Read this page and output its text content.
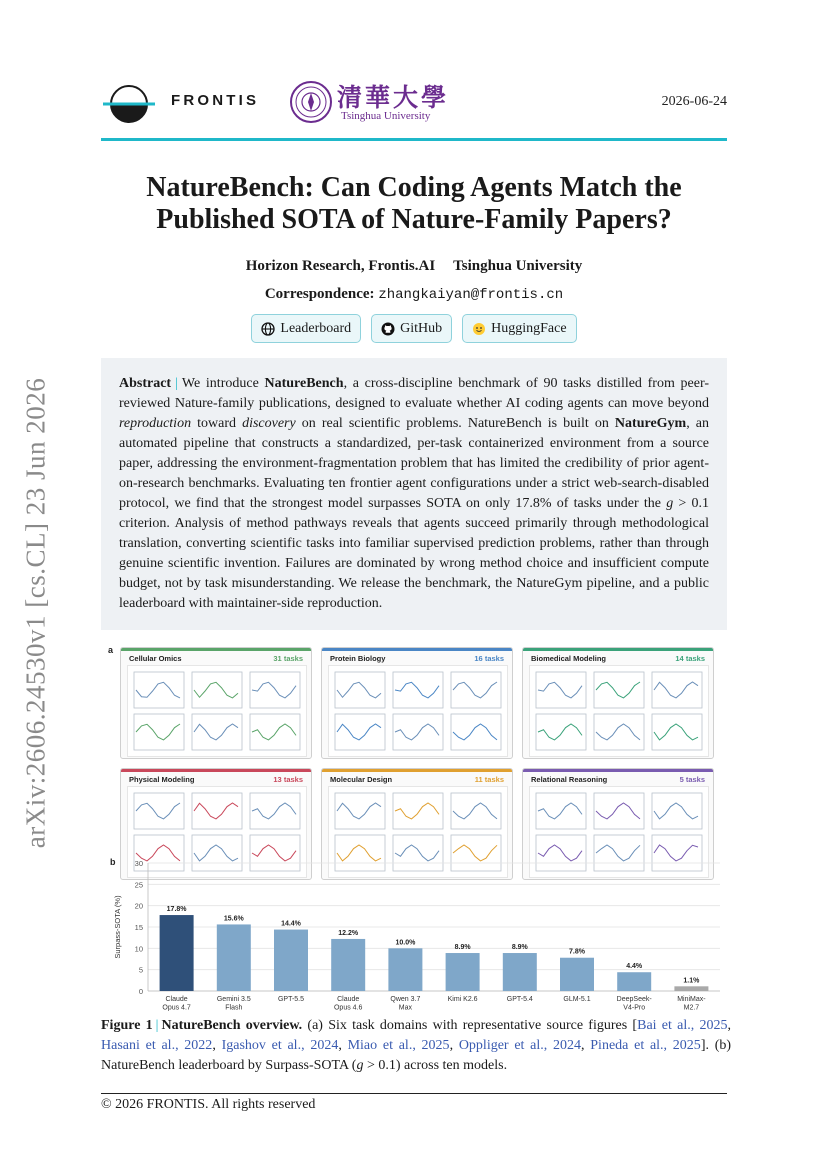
arXiv:2606.24530v1 [cs.CL] 23 Jun 2026
FRONTIS	清華大學
Tsinghua University
2026-06-24
NatureBench: Can Coding Agents Match the
Published SOTA of Nature-Family Papers?
Horizon Research, Frontis.AI Tsinghua University
Correspondence: zhangkaiyan@frontis.cn
Leaderboard	GitHub	HuggingFace
Abstract | We introduce NatureBench, a cross-discipline benchmark of 90 tasks distilled from peer-reviewed Nature-family publications, designed to evaluate whether AI coding agents can move beyond reproduction toward discovery on real scientific problems. NatureBench is built on NatureGym, an automated pipeline that constructs a standardized, per-task containerized environment from a source paper, addressing the environment-fragmentation problem that has limited the credibility of prior agent-on-research benchmarks. Evaluating ten frontier agent configurations under a strict web-search-disabled protocol, we find that the strongest model surpasses SOTA on only 17.8% of tasks under the g > 0.1 criterion. Analysis of method pathways reveals that agents succeed primarily through methodological translation, converting scientific tasks into familiar supervised prediction problems, rather than through genuine scientific invention. Failures are dominated by wrong method choice and insufficient compute budget, not by task misunderstanding. We release the benchmark, the NatureGym pipeline, and a public leaderboard with maintainer-side reproduction.
a
Cellular Omics	31 tasks	Protein Biology	16 tasks	Biomedical Modeling	14 tasks
Physical Modeling	13 tasks	Molecular Design	11 tasks	Relational Reasoning	5 tasks
b
0
5
10
15
20
25
30
Surpass-SOTA (%)	17.8%
Claude
Opus 4.7
15.6%
Gemini 3.5
Flash
14.4%
GPT-5.5
12.2%
Claude
Opus 4.6
10.0%
Qwen 3.7
Max
8.9%
Kimi K2.6
8.9%
GPT-5.4
7.8%
GLM-5.1
4.4%
DeepSeek-
V4-Pro
1.1%
MiniMax-
M2.7
Figure 1 | NatureBench overview. (a) Six task domains with representative source figures [Bai et al., 2025, Hasani et al., 2022, Igashov et al., 2024, Miao et al., 2025, Oppliger et al., 2024, Pineda et al., 2025]. (b) NatureBench leaderboard by Surpass-SOTA (g > 0.1) across ten models.
© 2026 FRONTIS. All rights reserved
